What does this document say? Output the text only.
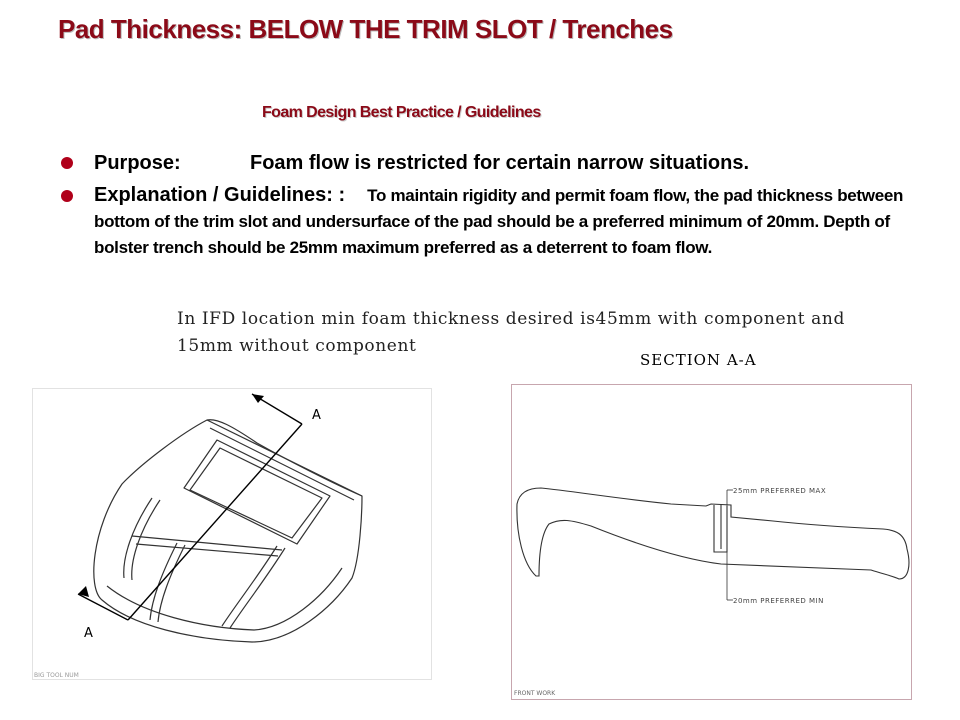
Pad Thickness: BELOW THE TRIM SLOT / Trenches
Foam Design Best Practice / Guidelines
Purpose:	Foam flow is restricted for certain narrow situations.
Explanation / Guidelines: : To maintain rigidity and permit foam flow, the pad thickness between bottom of the trim slot and undersurface of the pad should be a preferred minimum of 20mm. Depth of bolster trench should be 25mm maximum preferred as a deterrent to foam flow.

In IFD location min foam thickness desired is45mm with component and 15mm without component

SECTION A-A
A
A
BIG TOOL NUM
25mm PREFERRED MAX
20mm PREFERRED MIN
FRONT WORK
